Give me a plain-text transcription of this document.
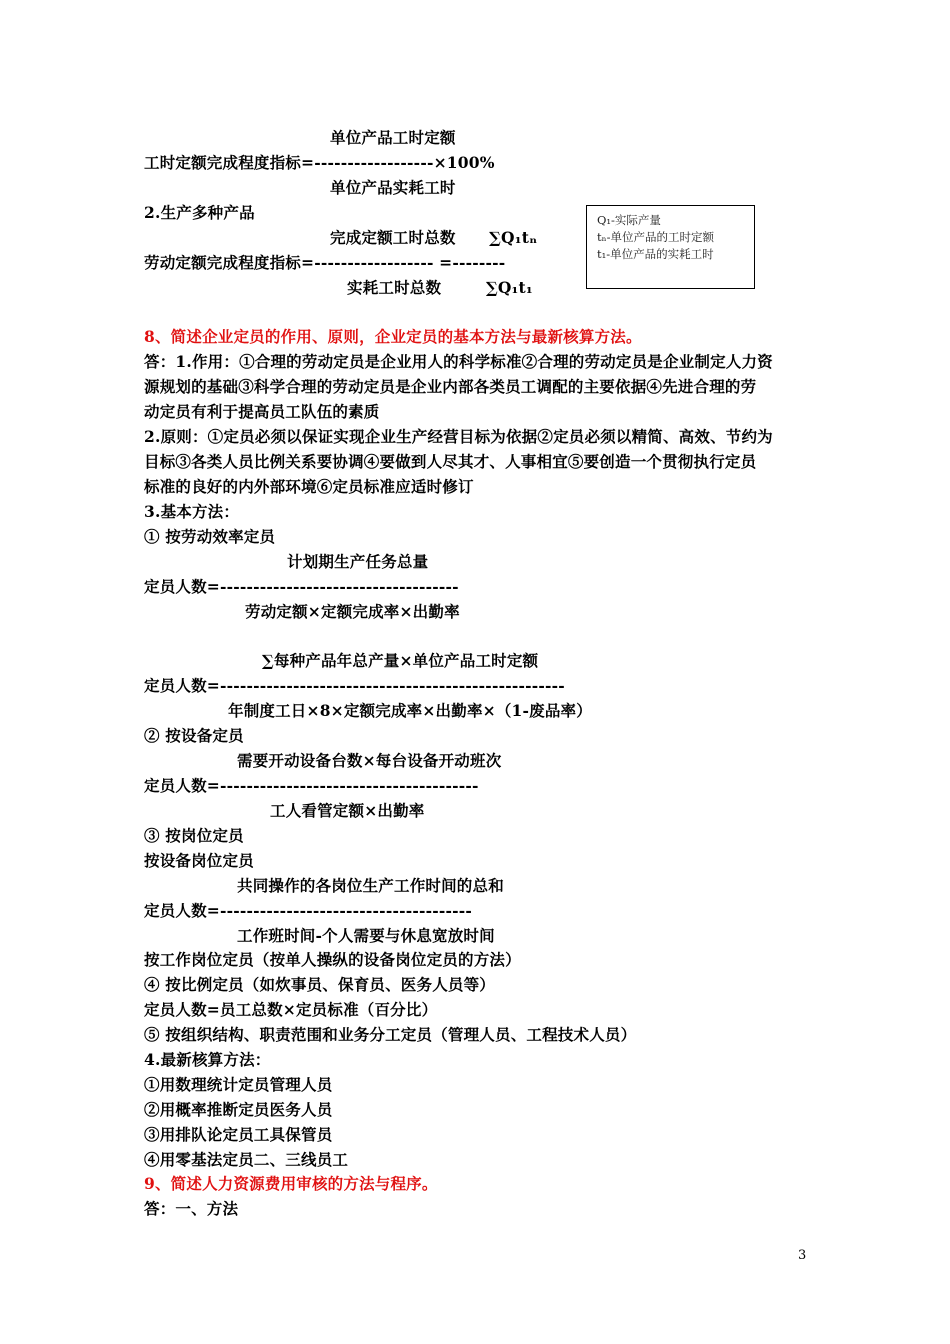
单位产品工时定额
工时定额完成程度指标=------------------×100%
单位产品实耗工时
2.生产多种产品
完成定额工时总数      ∑Q₁tₙ
劳动定额完成程度指标=------------------ =--------
实耗工时总数        ∑Q₁t₁
8、简述企业定员的作用、原则，企业定员的基本方法与最新核算方法。
答：1.作用：①合理的劳动定员是企业用人的科学标准②合理的劳动定员是企业制定人力资
源规划的基础③科学合理的劳动定员是企业内部各类员工调配的主要依据④先进合理的劳
动定员有利于提高员工队伍的素质
2.原则：①定员必须以保证实现企业生产经营目标为依据②定员必须以精简、高效、节约为
目标③各类人员比例关系要协调④要做到人尽其才、人事相宜⑤要创造一个贯彻执行定员
标准的良好的内外部环境⑥定员标准应适时修订
3.基本方法：
① 按劳动效率定员
计划期生产任务总量
定员人数=------------------------------------
劳动定额×定额完成率×出勤率
∑每种产品年总产量×单位产品工时定额
定员人数=----------------------------------------------------
年制度工日×8×定额完成率×出勤率×（1-废品率）
② 按设备定员
需要开动设备台数×每台设备开动班次
定员人数=---------------------------------------
工人看管定额×出勤率
③ 按岗位定员
按设备岗位定员
共同操作的各岗位生产工作时间的总和
定员人数=--------------------------------------
工作班时间-个人需要与休息宽放时间
按工作岗位定员（按单人操纵的设备岗位定员的方法）
④ 按比例定员（如炊事员、保育员、医务人员等）
定员人数=员工总数×定员标准（百分比）
⑤ 按组织结构、职责范围和业务分工定员（管理人员、工程技术人员）
4.最新核算方法：
①用数理统计定员管理人员
②用概率推断定员医务人员
③用排队论定员工具保管员
④用零基法定员二、三线员工
9、简述人力资源费用审核的方法与程序。
答：一、方法
Q₁-实际产量
tₙ-单位产品的工时定额
t₁-单位产品的实耗工时
3
